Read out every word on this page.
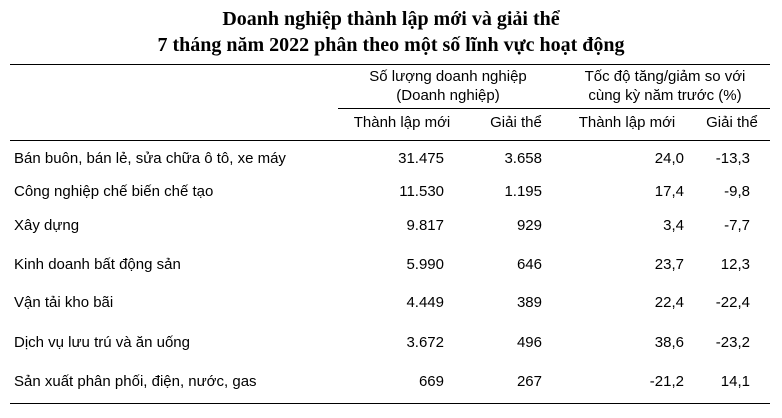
Doanh nghiệp thành lập mới và giải thể
7 tháng năm 2022 phân theo một số lĩnh vực hoạt động
Số lượng doanh nghiệp
(Doanh nghiệp)
Tốc độ tăng/giảm so với
cùng kỳ năm trước (%)
Thành lập mới	Giải thể	Thành lập mới	Giải thể
Bán buôn, bán lẻ, sửa chữa ô tô, xe máy	31.475	3.658	24,0	-13,3
Công nghiệp chế biến chế tạo	11.530	1.195	17,4	-9,8
Xây dựng	9.817	929	3,4	-7,7
Kinh doanh bất động sản	5.990	646	23,7	12,3
Vận tải kho bãi	4.449	389	22,4	-22,4
Dịch vụ lưu trú và ăn uống	3.672	496	38,6	-23,2
Sản xuất phân phối, điện, nước, gas	669	267	-21,2	14,1
